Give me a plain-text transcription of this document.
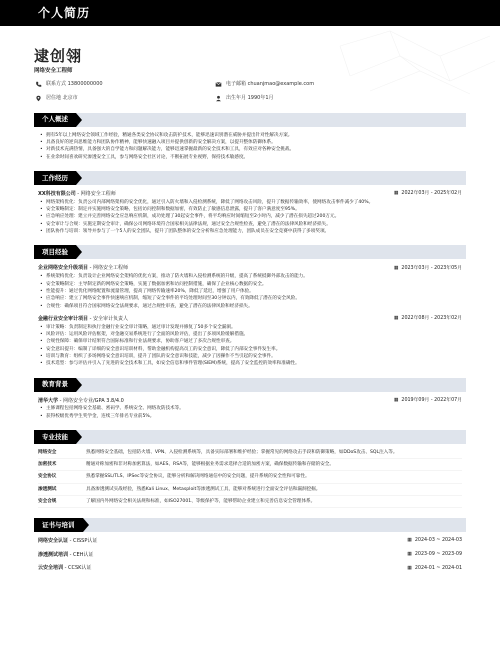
个人简历
逮创翎
网络安全工程师
联系方式 13800000000	电子邮箱 chuanjmao@example.com
居住地 北京市	出生年月 1990年1月
个人概述
• 拥有5年以上网络安全领域工作经验，精通各类安全协议和攻击防护技术，能够迅速识别潜在威胁并提出针对性解决方案。
• 具备良好的逆向思维能力和团队协作精神，能够快速融入项目并提供创新的安全解决方案，以提升整体防御体系。
• 对新技术充满热情，具备强大的自学能力和问题解决能力，能够迅速掌握最新的安全技术和工具，有效应对各种安全挑战。
• 在业余时间喜欢研究渗透安全工具，参与网络安全社区讨论，不断拓展专业视野，保持技术敏感度。
工作经历
XX科技有限公司 - 网络安全工程师	▦ 2022年03月 - 2025年02月
• 网络架构优化：负责公司内部网络架构的安全优化，通过引入防火墙和入侵检测系统，降低了网络攻击风险，提升了数据传输效率，使网络攻击事件减少了40%。
• 安全策略制定：制定并实施网络安全策略，包括访问控制和数据加密，有效防止了敏感信息泄露，提升了客户满意度至95%。
• 应急响应处理：建立并完善网络安全应急响应机制，成功处理了30起安全事件，将平均响应时间缩短至2小时内，减少了潜在损失超过200万元。
• 安全审计与合规：实施定期安全审计，确保公司网络环境符合国家相关法律法规，通过安全合规性检查，避免了潜在的法律风险和经济损失。
• 团队协作与培训：领导并参与了一个5人的安全团队，提升了团队整体的安全分析和应急处理能力，团队成员在安全竞赛中获得了多项奖项。
项目经验
企业网络安全升级项目 - 网络安全工程师	▦ 2023年03月 - 2023年05月
• 系统架构优化：负责设计企业网络安全架构的优化方案，推动了防火墙和入侵检测系统的升级，提高了系统抵御外部攻击的能力。
• 安全策略制定：主导制定新的网络安全策略，实施了数据加密和访问控制措施，确保了企业核心数据的安全。
• 性能提升：通过优化网络配置和流量管理，提高了网络传输速率20%，降低了延迟，增强了用户体验。
• 应急响应：建立了网络安全事件快速响应机制，缩短了安全事件的平均处理时间至30分钟以内，有效降低了潜在的安全风险。
• 合规性：确保项目符合国家网络安全法规要求，通过合规性审查，避免了潜在的法律风险和经济损失。
金融行业安全审计项目 - 安全审计负责人	▦ 2022年08月 - 2023年02月
• 审计策略：负责制定和执行金融行业安全审计策略，通过审计发现并修复了50多个安全漏洞。
• 风险评估：运用风险评估框架，对金融交易系统进行了全面的风险评估，提出了多项风险缓解措施。
• 合规性保障：确保审计结果符合国际标准和行业法规要求，协助客户通过了多次合规性审查。
• 安全意识提升：编制了详细的安全意识培训材料，帮助金融机构提高员工的安全意识，降低了内部安全事件发生率。
• 培训与教育：组织了多场网络安全意识培训，提升了团队的安全意识和技能，减少了因操作不当引起的安全事件。
• 技术选型：参与评估并引入了先进的安全技术和工具，如安全信息和事件管理(SIEM)系统，提高了安全监控的效率和准确性。
教育背景
清华大学 - 网络安全专业/GPA 3.8/4.0	▦ 2019年09月 - 2022年07月
• 主修课程包括网络安全基础、密码学、系统安全、网络攻防技术等。
• 获得校级优秀学生奖学金，连续三年排名专业前5%。
专业技能
网络安全	熟悉网络安全基础，包括防火墙、VPN、入侵检测系统等，具备实际部署和维护经验；掌握常见的网络攻击手段和防御策略，如DDoS攻击、SQL注入等。
加密技术	精通对称加密和非对称加密算法，如AES、RSA等，能够根据业务需求选择合适的加密方案，确保数据传输和存储的安全。
安全协议	熟悉掌握SSL/TLS、IPSec等安全协议，能够分析和解决网络通信中的安全问题，提升系统的安全性和可靠性。
渗透测试	具备渗透测试实战经验，熟悉Kali Linux、Metasploit等渗透测试工具，能够对系统进行全面安全评估和漏洞挖掘。
安全合规	了解国内外网络安全相关法规和标准，如ISO27001、等级保护等，能够帮助企业建立和完善信息安全管理体系。
证书与培训
网络安全认证 - CISSP认证	▦ 2024-03 ~ 2024-03
渗透测试培训 - CEH认证	▦ 2023-09 ~ 2023-09
云安全培训 - CCSK认证	▦ 2024-01 ~ 2024-01
